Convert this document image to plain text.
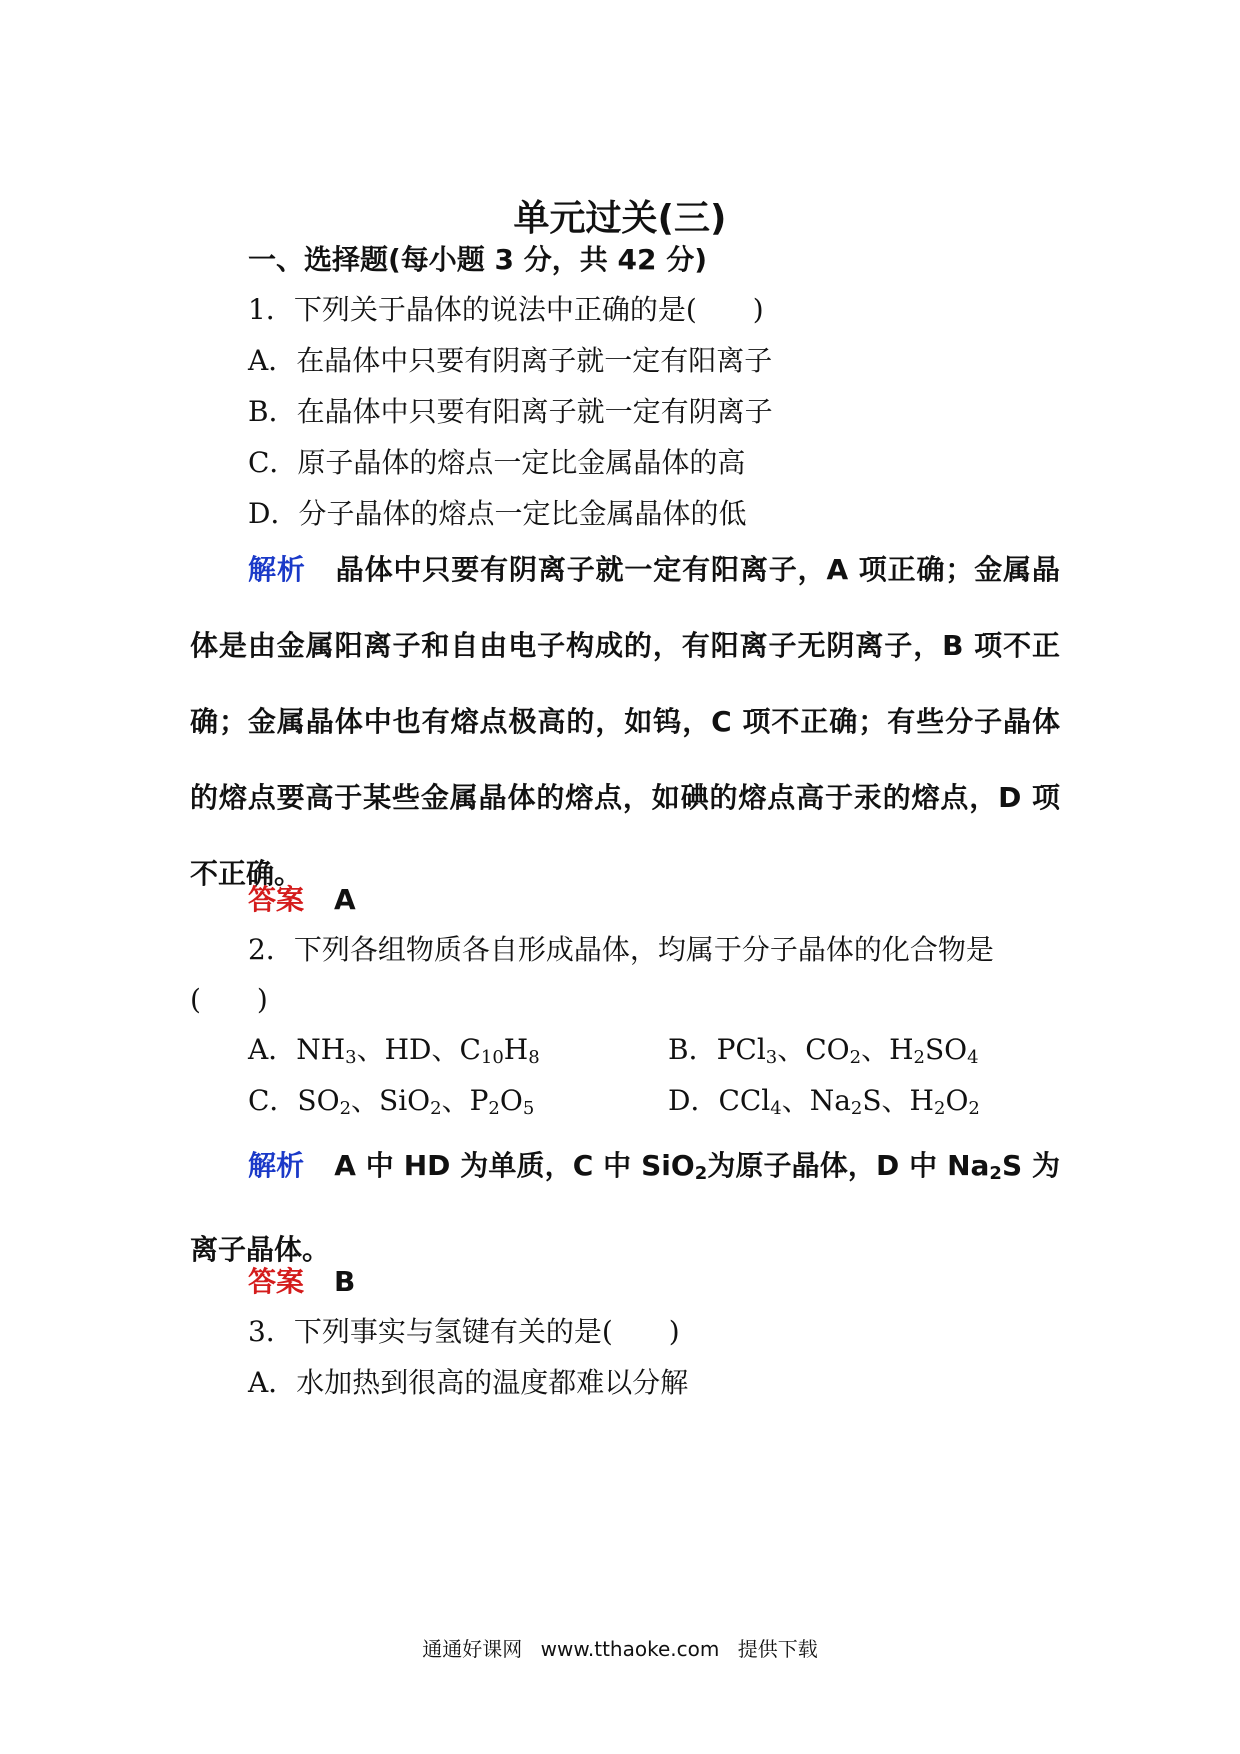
单元过关(三)
一、选择题(每小题 3 分，共 42 分)
1．下列关于晶体的说法中正确的是(　　)
A．在晶体中只要有阴离子就一定有阳离子
B．在晶体中只要有阳离子就一定有阴离子
C．原子晶体的熔点一定比金属晶体的高
D．分子晶体的熔点一定比金属晶体的低
解析 晶体中只要有阴离子就一定有阳离子，A 项正确；金属晶体是由金属阳离子和自由电子构成的，有阳离子无阴离子，B 项不正确；金属晶体中也有熔点极高的，如钨，C 项不正确；有些分子晶体的熔点要高于某些金属晶体的熔点，如碘的熔点高于汞的熔点，D 项不正确。
答案 A
2．下列各组物质各自形成晶体，均属于分子晶体的化合物是
(　　)
A．$NH_3$、HD、$C_{10}H_8$	B．PCl$_3$、$CO_2$、$H_2SO_4$
C．$SO_2$、SiO$_2$、$P_2O_5$	D．CCl$_4$、$Na_2S$、$H_2O_2$
解析 A 中 HD 为单质，C 中 SiO$_2$为原子晶体，D 中 $Na_2S$ 为离子晶体。
答案 B
3．下列事实与氢键有关的是(　　)
A．水加热到很高的温度都难以分解
通通好课网 www.tthaoke.com 提供下载
